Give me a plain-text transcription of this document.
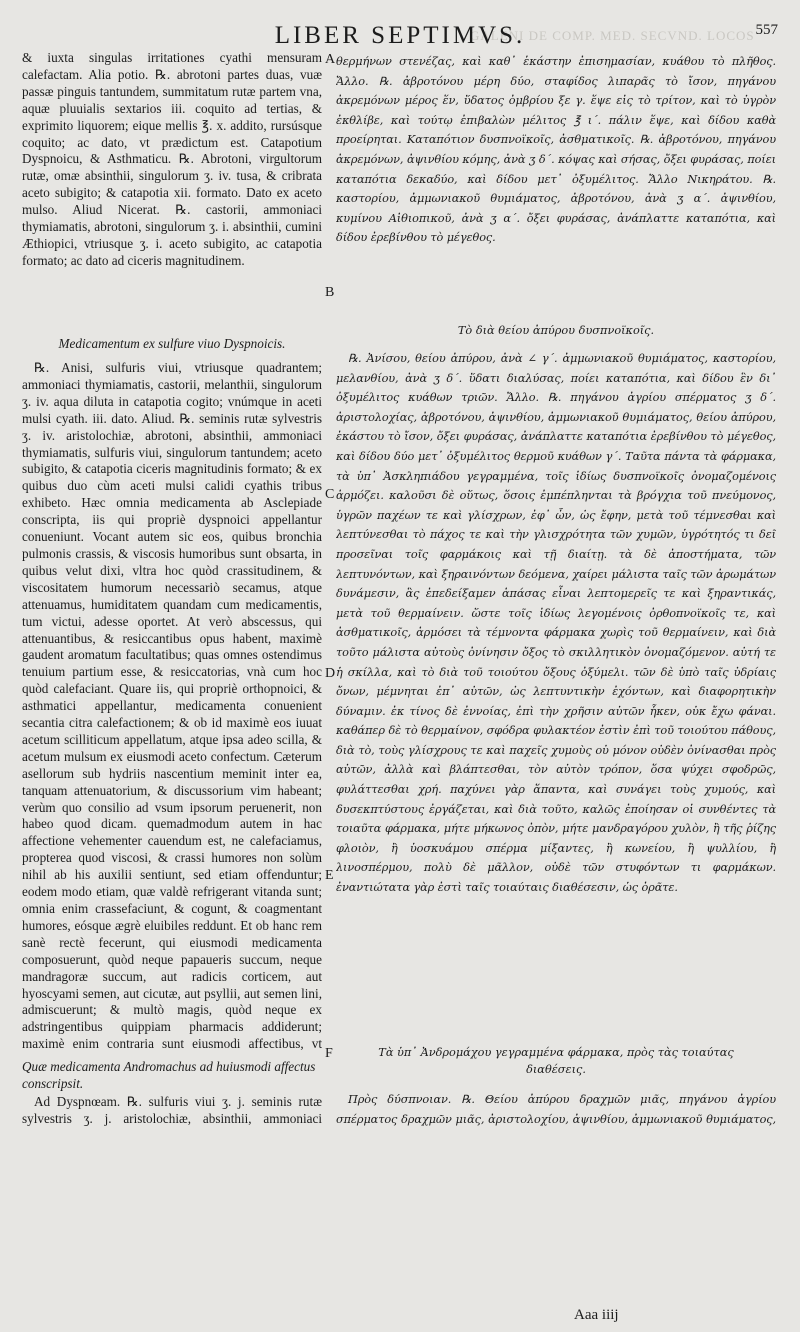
GALENI DE COMP. MED. SECVND. LOCOS
LIBER SEPTIMVS.	557

& iuxta singulas irritationes cyathi mensuram calefactam. Alia potio. ℞. abrotoni partes duas, vuæ passæ pinguis tantundem, summitatum rutæ partem vna, aquæ pluuialis sextarios iii. coquito ad tertias, & exprimito liquorem; eique mellis ℥. x. addito, rursúsque coquito; ac dato, vt prædictum est. Catapotium Dyspnoicu, & Asthmaticu. ℞. Abrotoni, virgultorum rutæ, omæ absinthii, singulorum ʒ. iv. tusa, & cribrata aceto subigito; & catapotia xii. formato. Dato ex aceto mulso. Aliud Nicerat. ℞. castorii, ammoniaci thymiamatis, abrotoni, singulorum ʒ. i. absinthii, cumini Æthiopici, vtriusque ʒ. i. aceto subigito, ac catapotia formato; ac dato ad ciceris magnitudinem.

Medicamentum ex sulfure viuo Dyspnoicis.

℞. Anisi, sulfuris viui, vtriusque quadrantem; ammoniaci thymiamatis, castorii, melanthii, singulorum ʒ. iv. aqua diluta in catapotia cogito; vnúmque in aceti mulsi cyath. iii. dato. Aliud. ℞. seminis rutæ sylvestris ʒ. iv. aristolochiæ, abrotoni, absinthii, ammoniaci thymiamatis, sulfuris viui, singulorum tantundem; aceto subigito, & catapotia ciceris magnitudinis formato; & ex quibus duo cùm aceti mulsi calidi cyathis tribus exhibeto. Hæc omnia medicamenta ab Asclepiade conscripta, iis qui propriè dyspnoici appellantur conueniunt. Vocant autem sic eos, quibus bronchia pulmonis crassis, & viscosis humoribus sunt obsarta, in quibus velut dixi, vltra hoc quòd crassitudinem, & viscositatem humorum necessariò secamus, atque attenuamus, humiditatem quandam cum medicamentis, tum victui, adesse oportet. At verò abscessus, qui attenuantibus, & resiccantibus opus habent, maximè gaudent aromatum facultatibus; quas omnes ostendimus tenuium partium esse, & resiccatorias, vnà cum hoc quòd calefaciant. Quare iis, qui propriè orthopnoici, & asthmatici appellantur, medicamenta conuenient secantia citra calefactionem; & ob id maximè eos iuuat acetum scilliticum appellatum, atque ipsa adeo scilla, & acetum mulsum ex eiusmodi aceto confectum. Cæterum asellorum sub hydriis nascentium meminit inter ea, tanquam attenuatorium, & discussorium vim habeant; verùm quo consilio ad vsum ipsorum peruenerit, non habeo quod dicam. quemadmodum autem in hac affectione vehementer cauendum est, ne calefaciamus, propterea quod viscosi, & crassi humores non solùm nihil ab his auxilii sentiunt, sed etiam offenduntur; eodem modo etiam, quæ valdè refrigerant vitanda sunt; omnia enim crassefaciunt, & cogunt, & coagmentant humores, eósque ægrè eluibiles reddunt. Et ob hanc rem sanè rectè fecerunt, qui eiusmodi medicamenta composuerunt, quòd neque papaueris succum, neque mandragoræ succum, aut radicis corticem, aut hyoscyami semen, aut cicutæ, aut psyllii, aut semen lini, admiscuerunt; & multò magis, quòd neque ex adstringentibus quippiam pharmacis addiderunt; maximè enim contraria sunt eiusmodi affectibus, vt

Quæ medicamenta Andromachus ad huiusmodi affectus conscripsit.

Ad Dyspnœam. ℞. sulfuris viui ʒ. j. seminis rutæ sylvestris ʒ. j. aristolochiæ, absinthii, ammoniaci

A
B
C
D
E
F

θερμήνων στενέζας, καὶ καθ᾽ ἑκάστην ἐπισημασίαν, κυάθου τὸ πλῆθος. Ἄλλο. ℞. ἀβροτόνου μέρη δύο, σταφίδος λιπαρᾶς τὸ ἴσον, πηγάνου ἀκρεμόνων μέρος ἕν, ὕδατος ὀμβρίου ξε γ. ἕψε εἰς τὸ τρίτον, καὶ τὸ ὑγρὸν ἐκθλίβε, καὶ τούτῳ ἐπιβαλὼν μέλιτος ℥ ι΄. πάλιν ἕψε, καὶ δίδου καθὰ προείρηται. Καταπότιον δυσπνοϊκοῖς, ἀσθματικοῖς. ℞. ἀβροτόνου, πηγάνου ἀκρεμόνων, ἀψινθίου κόμης, ἀνὰ ʒ δ΄. κόψας καὶ σήσας, ὄξει φυράσας, ποίει καταπότια δεκαδύο, καὶ δίδου μετ᾽ ὀξυμέλιτος. Ἄλλο Νικηράτου. ℞. καστορίου, ἀμμωνιακοῦ θυμιάματος, ἀβροτόνου, ἀνὰ ʒ α΄. ἀψινθίου, κυμίνου Αἰθιοπικοῦ, ἀνὰ ʒ α΄. ὄξει φυράσας, ἀνάπλαττε καταπότια, καὶ δίδου ἐρεβίνθου τὸ μέγεθος.

Τὸ διὰ θείου ἀπύρου δυσπνοϊκοῖς.

℞. Ἀνίσου, θείου ἀπύρου, ἀνὰ ∠ γ΄. ἀμμωνιακοῦ θυμιάματος, καστορίου, μελανθίου, ἀνὰ ʒ δ΄. ὕδατι διαλύσας, ποίει καταπότια, καὶ δίδου ἓν δι᾽ ὀξυμέλιτος κυάθων τριῶν. Ἄλλο. ℞. πηγάνου ἀγρίου σπέρματος ʒ δ΄. ἀριστολοχίας, ἀβροτόνου, ἀψινθίου, ἀμμωνιακοῦ θυμιάματος, θείου ἀπύρου, ἑκάστου τὸ ἴσον, ὄξει φυράσας, ἀνάπλαττε καταπότια ἐρεβίνθου τὸ μέγεθος, καὶ δίδου δύο μετ᾽ ὀξυμέλιτος θερμοῦ κυάθων γ΄. Ταῦτα πάντα τὰ φάρμακα, τὰ ὑπ᾽ Ἀσκληπιάδου γεγραμμένα, τοῖς ἰδίως δυσπνοϊκοῖς ὀνομαζομένοις ἁρμόζει. καλοῦσι δὲ οὕτως, ὅσοις ἐμπέπληνται τὰ βρόγχια τοῦ πνεύμονος, ὑγρῶν παχέων τε καὶ γλίσχρων, ἐφ᾽ ὧν, ὡς ἔφην, μετὰ τοῦ τέμνεσθαι καὶ λεπτύνεσθαι τὸ πάχος τε καὶ τὴν γλισχρότητα τῶν χυμῶν, ὑγρότητός τι δεῖ προσεῖναι τοῖς φαρμάκοις καὶ τῇ διαίτῃ. τὰ δὲ ἀποστήματα, τῶν λεπτυνόντων, καὶ ξηραινόντων δεόμενα, χαίρει μάλιστα ταῖς τῶν ἀρωμάτων δυνάμεσιν, ἃς ἐπεδείξαμεν ἁπάσας εἶναι λεπτομερεῖς τε καὶ ξηραντικάς, μετὰ τοῦ θερμαίνειν. ὥστε τοῖς ἰδίως λεγομένοις ὀρθοπνοϊκοῖς τε, καὶ ἀσθματικοῖς, ἁρμόσει τὰ τέμνοντα φάρμακα χωρὶς τοῦ θερμαίνειν, καὶ διὰ τοῦτο μάλιστα αὐτοὺς ὀνίνησιν ὄξος τὸ σκιλλητικὸν ὀνομαζόμενον. αὐτή τε ἡ σκίλλα, καὶ τὸ διὰ τοῦ τοιούτου ὄξους ὀξύμελι. τῶν δὲ ὑπὸ ταῖς ὑδρίαις ὄνων, μέμνηται ἐπ᾽ αὐτῶν, ὡς λεπτυντικὴν ἐχόντων, καὶ διαφορητικὴν δύναμιν. ἐκ τίνος δὲ ἐννοίας, ἐπὶ τὴν χρῆσιν αὐτῶν ἧκεν, οὐκ ἔχω φάναι. καθάπερ δὲ τὸ θερμαίνον, σφόδρα φυλακτέον ἐστὶν ἐπὶ τοῦ τοιούτου πάθους, διὰ τὸ, τοὺς γλίσχρους τε καὶ παχεῖς χυμοὺς οὐ μόνον οὐδὲν ὀνίνασθαι πρὸς αὐτῶν, ἀλλὰ καὶ βλάπτεσθαι, τὸν αὐτὸν τρόπον, ὅσα ψύχει σφοδρῶς, φυλάττεσθαι χρή. παχύνει γὰρ ἅπαντα, καὶ συνάγει τοὺς χυμούς, καὶ δυσεκπτύστους ἐργάζεται, καὶ διὰ τοῦτο, καλῶς ἐποίησαν οἱ συνθέντες τὰ τοιαῦτα φάρμακα, μήτε μήκωνος ὀπὸν, μήτε μανδραγόρου χυλὸν, ἢ τῆς ῥίζης φλοιὸν, ἢ ὑοσκυάμου σπέρμα μίξαντες, ἢ κωνείου, ἢ ψυλλίου, ἢ λινοσπέρμου, πολὺ δὲ μᾶλλον, οὐδὲ τῶν στυφόντων τι φαρμάκων. ἐναντιώτατα γὰρ ἐστὶ ταῖς τοιαύταις διαθέσεσιν, ὡς ὁρᾶτε.

Τὰ ὑπ᾽ Ἀνδρομάχου γεγραμμένα φάρμακα, πρὸς τὰς τοιαύτας διαθέσεις.

Πρὸς δύσπνοιαν. ℞. Θείου ἀπύρου δραχμῶν μιᾶς, πηγάνου ἀγρίου σπέρματος δραχμῶν μιᾶς, ἀριστολοχίου, ἀψινθίου, ἀμμωνιακοῦ θυμιάματος,

Aaa iiij
